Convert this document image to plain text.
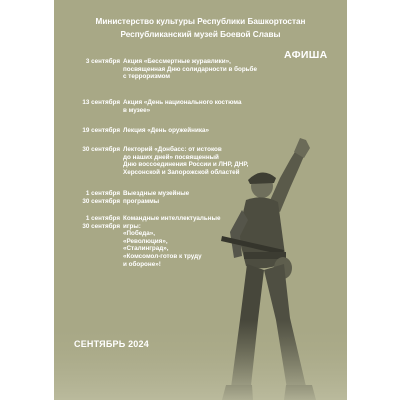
Министерство культуры Республики Башкортостан
Республиканский музей Боевой Славы
АФИША
3 сентября Акция «Бессмертные журавлики»,
посвященная Дню солидарности в борьбе
с терроризмом
13 сентября Акция «День национального костюма
в музее»
19 сентября Лекция «День оружейника»
30 сентября Лекторий «Донбасс: от истоков
до наших дней» посвященный
Дню воссоединения России и ЛНР, ДНР,
Херсонской и Запорожской областей
1 сентября
30 сентября
Выездные музейные
программы
1 сентября
30 сентября
Командные интеллектуальные
игры:
«Победа»,
«Революция»,
«Сталинград»,
«Комсомол-готов к труду
и обороне»!
СЕНТЯБРЬ 2024
